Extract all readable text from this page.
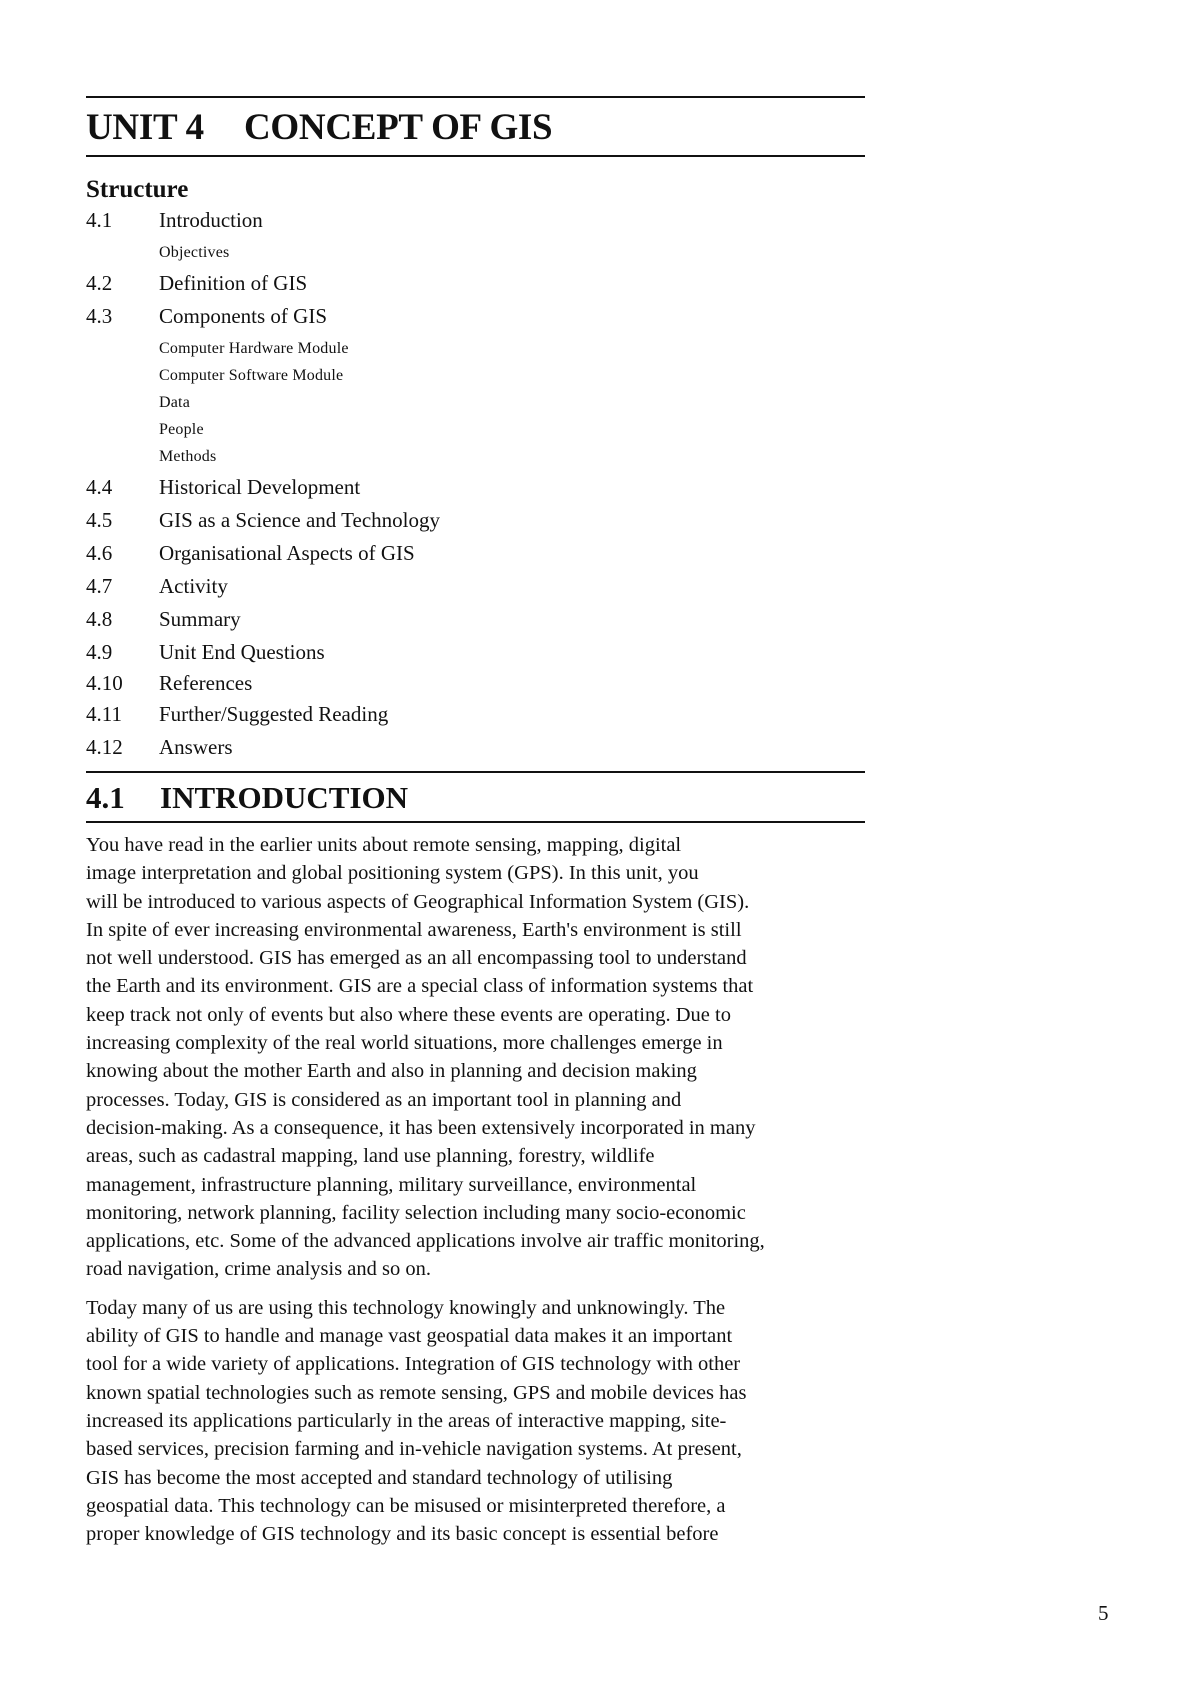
UNIT 4 CONCEPT OF GIS
Structure
4.1 Introduction
Objectives
4.2 Definition of GIS
4.3 Components of GIS
Computer Hardware Module
Computer Software Module
Data
People
Methods
4.4 Historical Development
4.5 GIS as a Science and Technology
4.6 Organisational Aspects of GIS
4.7 Activity
4.8 Summary
4.9 Unit End Questions
4.10 References
4.11 Further/Suggested Reading
4.12 Answers
4.1 INTRODUCTION
You have read in the earlier units about remote sensing, mapping, digital
image interpretation and global positioning system (GPS). In this unit, you
will be introduced to various aspects of Geographical Information System (GIS).
In spite of ever increasing environmental awareness, Earth's environment is still
not well understood. GIS has emerged as an all encompassing tool to understand
the Earth and its environment. GIS are a special class of information systems that
keep track not only of events but also where these events are operating. Due to
increasing complexity of the real world situations, more challenges emerge in
knowing about the mother Earth and also in planning and decision making
processes. Today, GIS is considered as an important tool in planning and
decision-making. As a consequence, it has been extensively incorporated in many
areas, such as cadastral mapping, land use planning, forestry, wildlife
management, infrastructure planning, military surveillance, environmental
monitoring, network planning, facility selection including many socio-economic
applications, etc. Some of the advanced applications involve air traffic monitoring,
road navigation, crime analysis and so on.
Today many of us are using this technology knowingly and unknowingly. The
ability of GIS to handle and manage vast geospatial data makes it an important
tool for a wide variety of applications. Integration of GIS technology with other
known spatial technologies such as remote sensing, GPS and mobile devices has
increased its applications particularly in the areas of interactive mapping, site-
based services, precision farming and in-vehicle navigation systems. At present,
GIS has become the most accepted and standard technology of utilising
geospatial data. This technology can be misused or misinterpreted therefore, a
proper knowledge of GIS technology and its basic concept is essential before
5
